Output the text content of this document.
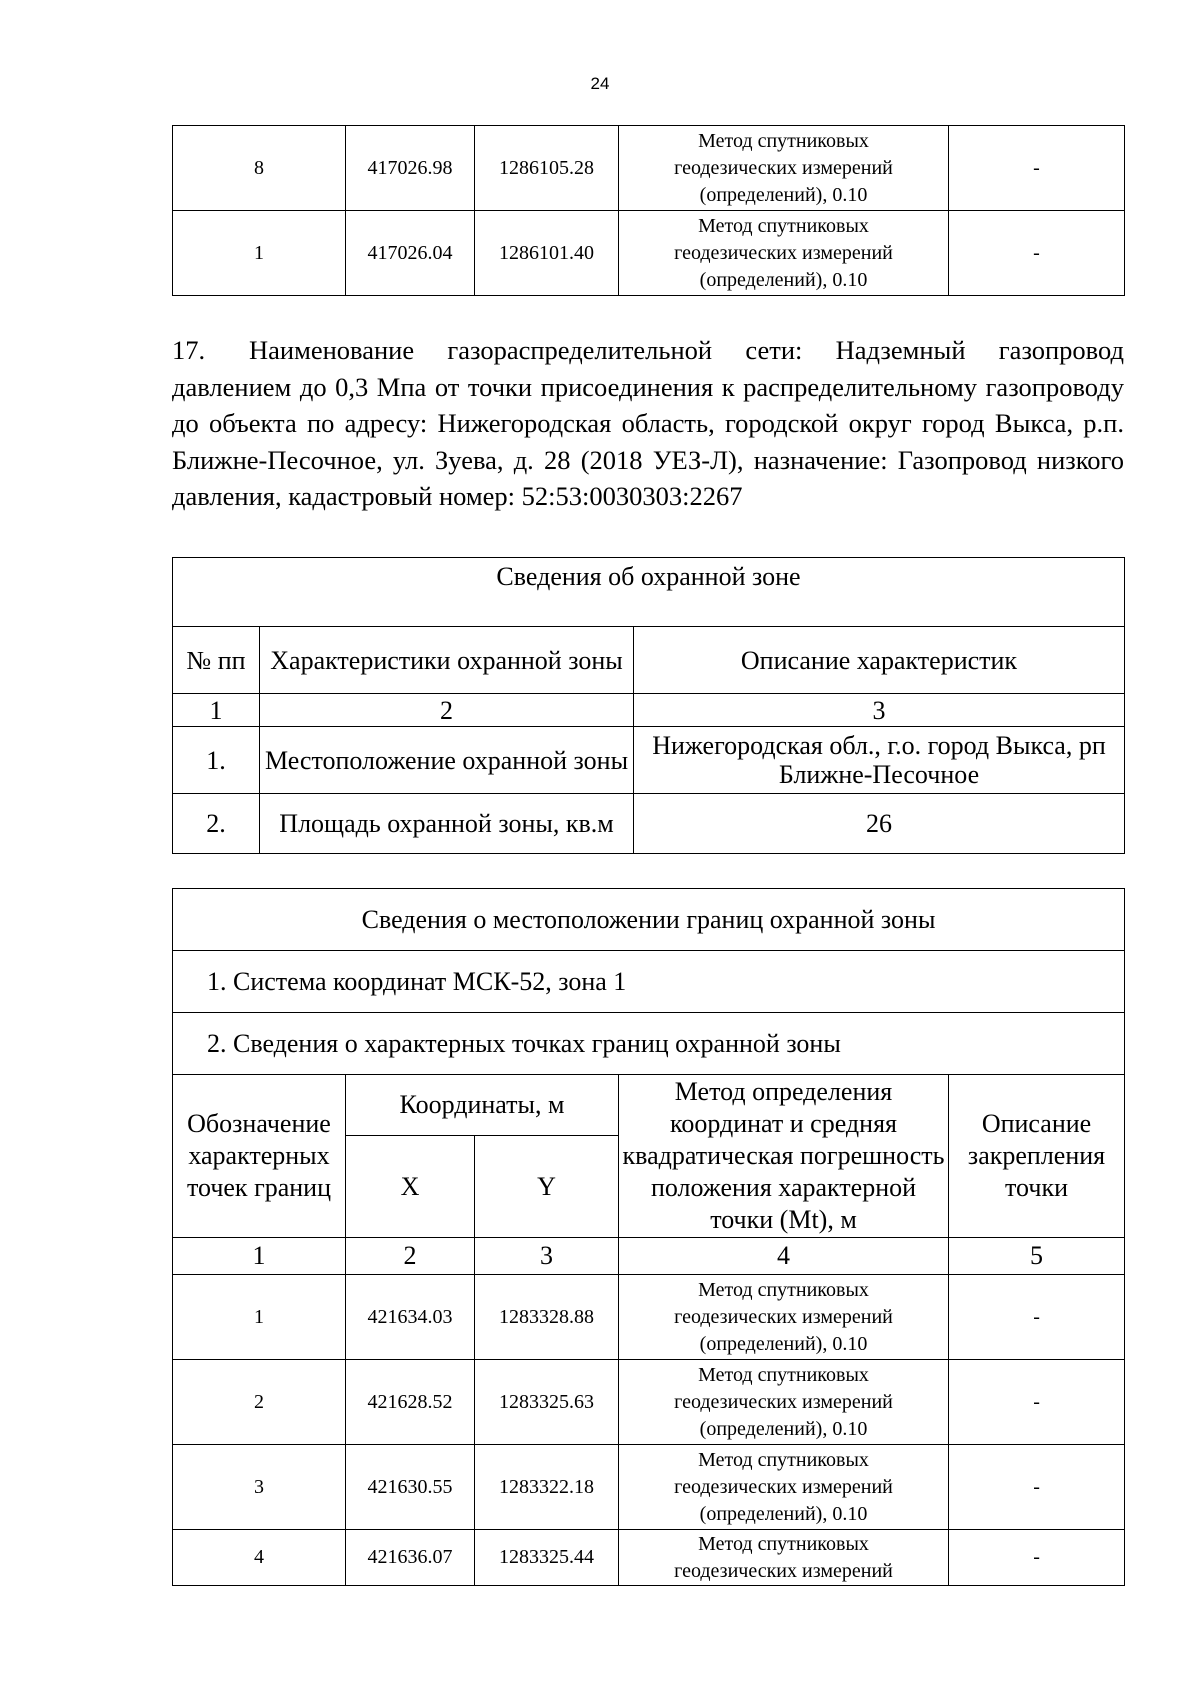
24
8	417026.98	1286105.28	Метод спутниковых
геодезических измерений
(определений), 0.10	-
1	417026.04	1286101.40	Метод спутниковых
геодезических измерений
(определений), 0.10	-

17. Наименование газораспределительной сети: Надземный газопровод давлением до 0,3 Мпа от точки присоединения к распределительному газопроводу до объекта по адресу: Нижегородская область, городской округ город Выкса, р.п. Ближне-Песочное, ул. Зуева, д. 28 (2018 УЕЗ-Л), назначение: Газопровод низкого давления, кадастровый номер: 52:53:0030303:2267

Сведения об охранной зоне		
№ пп	Характеристики охранной зоны	Описание характеристик
1	2	3
1.	Местоположение охранной зоны	Нижегородская обл., г.о. город Выкса, рп Ближне-Песочное
2.	Площадь охранной зоны, кв.м	26
Сведения о местоположении границ охранной зоны				
1. Система координат МСК-52, зона 1				
2. Сведения о характерных точках границ охранной зоны				
Обозначение характерных точек границ	Координаты, м		Метод определения координат и средняя квадратическая погрешность положения характерной точки (Mt), м	Описание закрепления точки
	X	Y		
1	2	3	4	5
1	421634.03	1283328.88	Метод спутниковых
геодезических измерений
(определений), 0.10	-
2	421628.52	1283325.63	Метод спутниковых
геодезических измерений
(определений), 0.10	-
3	421630.55	1283322.18	Метод спутниковых
геодезических измерений
(определений), 0.10	-
4	421636.07	1283325.44	Метод спутниковых
геодезических измерений	-
